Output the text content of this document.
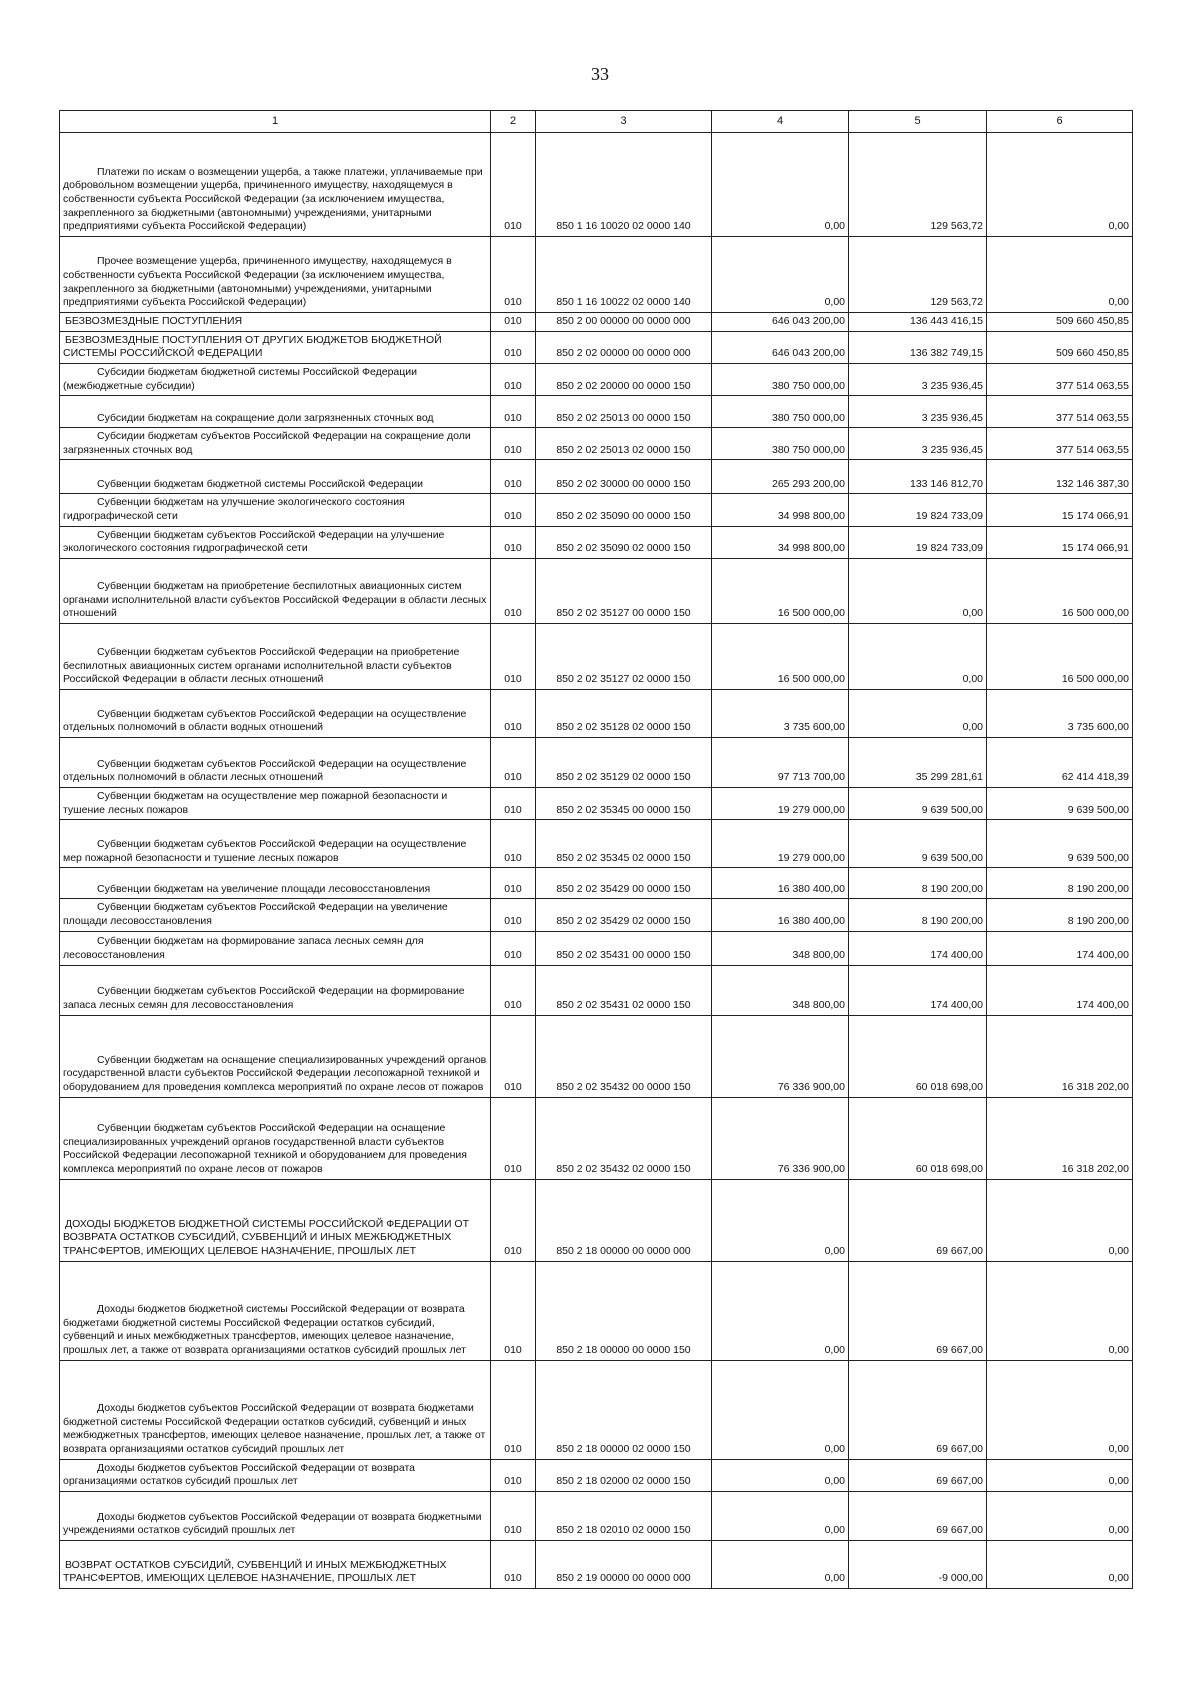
33
1	2	3	4	5	6
Платежи по искам о возмещении ущерба, а также платежи, уплачиваемые при добровольном возмещении ущерба, причиненного имуществу, находящемуся в собственности субъекта Российской Федерации (за исключением имущества, закрепленного за бюджетными (автономными) учреждениями, унитарными предприятиями субъекта Российской Федерации)	010	850 1 16 10020 02 0000 140	0,00	129 563,72	0,00
Прочее возмещение ущерба, причиненного имуществу, находящемуся в собственности субъекта Российской Федерации (за исключением имущества, закрепленного за бюджетными (автономными) учреждениями, унитарными предприятиями субъекта Российской Федерации)	010	850 1 16 10022 02 0000 140	0,00	129 563,72	0,00
БЕЗВОЗМЕЗДНЫЕ ПОСТУПЛЕНИЯ	010	850 2 00 00000 00 0000 000	646 043 200,00	136 443 416,15	509 660 450,85
БЕЗВОЗМЕЗДНЫЕ ПОСТУПЛЕНИЯ ОТ ДРУГИХ БЮДЖЕТОВ БЮДЖЕТНОЙ СИСТЕМЫ РОССИЙСКОЙ ФЕДЕРАЦИИ	010	850 2 02 00000 00 0000 000	646 043 200,00	136 382 749,15	509 660 450,85
Субсидии бюджетам бюджетной системы Российской Федерации (межбюджетные субсидии)	010	850 2 02 20000 00 0000 150	380 750 000,00	3 235 936,45	377 514 063,55
Субсидии бюджетам на сокращение доли загрязненных сточных вод	010	850 2 02 25013 00 0000 150	380 750 000,00	3 235 936,45	377 514 063,55
Субсидии бюджетам субъектов Российской Федерации на сокращение доли загрязненных сточных вод	010	850 2 02 25013 02 0000 150	380 750 000,00	3 235 936,45	377 514 063,55
Субвенции бюджетам бюджетной системы Российской Федерации	010	850 2 02 30000 00 0000 150	265 293 200,00	133 146 812,70	132 146 387,30
Субвенции бюджетам на улучшение экологического состояния гидрографической сети	010	850 2 02 35090 00 0000 150	34 998 800,00	19 824 733,09	15 174 066,91
Субвенции бюджетам субъектов Российской Федерации на улучшение экологического состояния гидрографической сети	010	850 2 02 35090 02 0000 150	34 998 800,00	19 824 733,09	15 174 066,91
Субвенции бюджетам на приобретение беспилотных авиационных систем органами исполнительной власти субъектов Российской Федерации в области лесных отношений	010	850 2 02 35127 00 0000 150	16 500 000,00	0,00	16 500 000,00
Субвенции бюджетам субъектов Российской Федерации на приобретение беспилотных авиационных систем органами исполнительной власти субъектов Российской Федерации в области лесных отношений	010	850 2 02 35127 02 0000 150	16 500 000,00	0,00	16 500 000,00
Субвенции бюджетам субъектов Российской Федерации на осуществление отдельных полномочий в области водных отношений	010	850 2 02 35128 02 0000 150	3 735 600,00	0,00	3 735 600,00
Субвенции бюджетам субъектов Российской Федерации на осуществление отдельных полномочий в области лесных отношений	010	850 2 02 35129 02 0000 150	97 713 700,00	35 299 281,61	62 414 418,39
Субвенции бюджетам на осуществление мер пожарной безопасности и тушение лесных пожаров	010	850 2 02 35345 00 0000 150	19 279 000,00	9 639 500,00	9 639 500,00
Субвенции бюджетам субъектов Российской Федерации на осуществление мер пожарной безопасности и тушение лесных пожаров	010	850 2 02 35345 02 0000 150	19 279 000,00	9 639 500,00	9 639 500,00
Субвенции бюджетам на увеличение площади лесовосстановления	010	850 2 02 35429 00 0000 150	16 380 400,00	8 190 200,00	8 190 200,00
Субвенции бюджетам субъектов Российской Федерации на увеличение площади лесовосстановления	010	850 2 02 35429 02 0000 150	16 380 400,00	8 190 200,00	8 190 200,00
Субвенции бюджетам на формирование запаса лесных семян для лесовосстановления	010	850 2 02 35431 00 0000 150	348 800,00	174 400,00	174 400,00
Субвенции бюджетам субъектов Российской Федерации на формирование запаса лесных семян для лесовосстановления	010	850 2 02 35431 02 0000 150	348 800,00	174 400,00	174 400,00
Субвенции бюджетам на оснащение специализированных учреждений органов государственной власти субъектов Российской Федерации лесопожарной техникой и оборудованием для проведения комплекса мероприятий по охране лесов от пожаров	010	850 2 02 35432 00 0000 150	76 336 900,00	60 018 698,00	16 318 202,00
Субвенции бюджетам субъектов Российской Федерации на оснащение специализированных учреждений органов государственной власти субъектов Российской Федерации лесопожарной техникой и оборудованием для проведения комплекса мероприятий по охране лесов от пожаров	010	850 2 02 35432 02 0000 150	76 336 900,00	60 018 698,00	16 318 202,00
ДОХОДЫ БЮДЖЕТОВ БЮДЖЕТНОЙ СИСТЕМЫ РОССИЙСКОЙ ФЕДЕРАЦИИ ОТ ВОЗВРАТА ОСТАТКОВ СУБСИДИЙ, СУБВЕНЦИЙ И ИНЫХ МЕЖБЮДЖЕТНЫХ ТРАНСФЕРТОВ, ИМЕЮЩИХ ЦЕЛЕВОЕ НАЗНАЧЕНИЕ, ПРОШЛЫХ ЛЕТ	010	850 2 18 00000 00 0000 000	0,00	69 667,00	0,00
Доходы бюджетов бюджетной системы Российской Федерации от возврата бюджетами бюджетной системы Российской Федерации остатков субсидий, субвенций и иных межбюджетных трансфертов, имеющих целевое назначение, прошлых лет, а также от возврата организациями остатков субсидий прошлых лет	010	850 2 18 00000 00 0000 150	0,00	69 667,00	0,00
Доходы бюджетов субъектов Российской Федерации от возврата бюджетами бюджетной системы Российской Федерации остатков субсидий, субвенций и иных межбюджетных трансфертов, имеющих целевое назначение, прошлых лет, а также от возврата организациями остатков субсидий прошлых лет	010	850 2 18 00000 02 0000 150	0,00	69 667,00	0,00
Доходы бюджетов субъектов Российской Федерации от возврата организациями остатков субсидий прошлых лет	010	850 2 18 02000 02 0000 150	0,00	69 667,00	0,00
Доходы бюджетов субъектов Российской Федерации от возврата бюджетными учреждениями остатков субсидий прошлых лет	010	850 2 18 02010 02 0000 150	0,00	69 667,00	0,00
ВОЗВРАТ ОСТАТКОВ СУБСИДИЙ, СУБВЕНЦИЙ И ИНЫХ МЕЖБЮДЖЕТНЫХ ТРАНСФЕРТОВ, ИМЕЮЩИХ ЦЕЛЕВОЕ НАЗНАЧЕНИЕ, ПРОШЛЫХ ЛЕТ	010	850 2 19 00000 00 0000 000	0,00	-9 000,00	0,00
